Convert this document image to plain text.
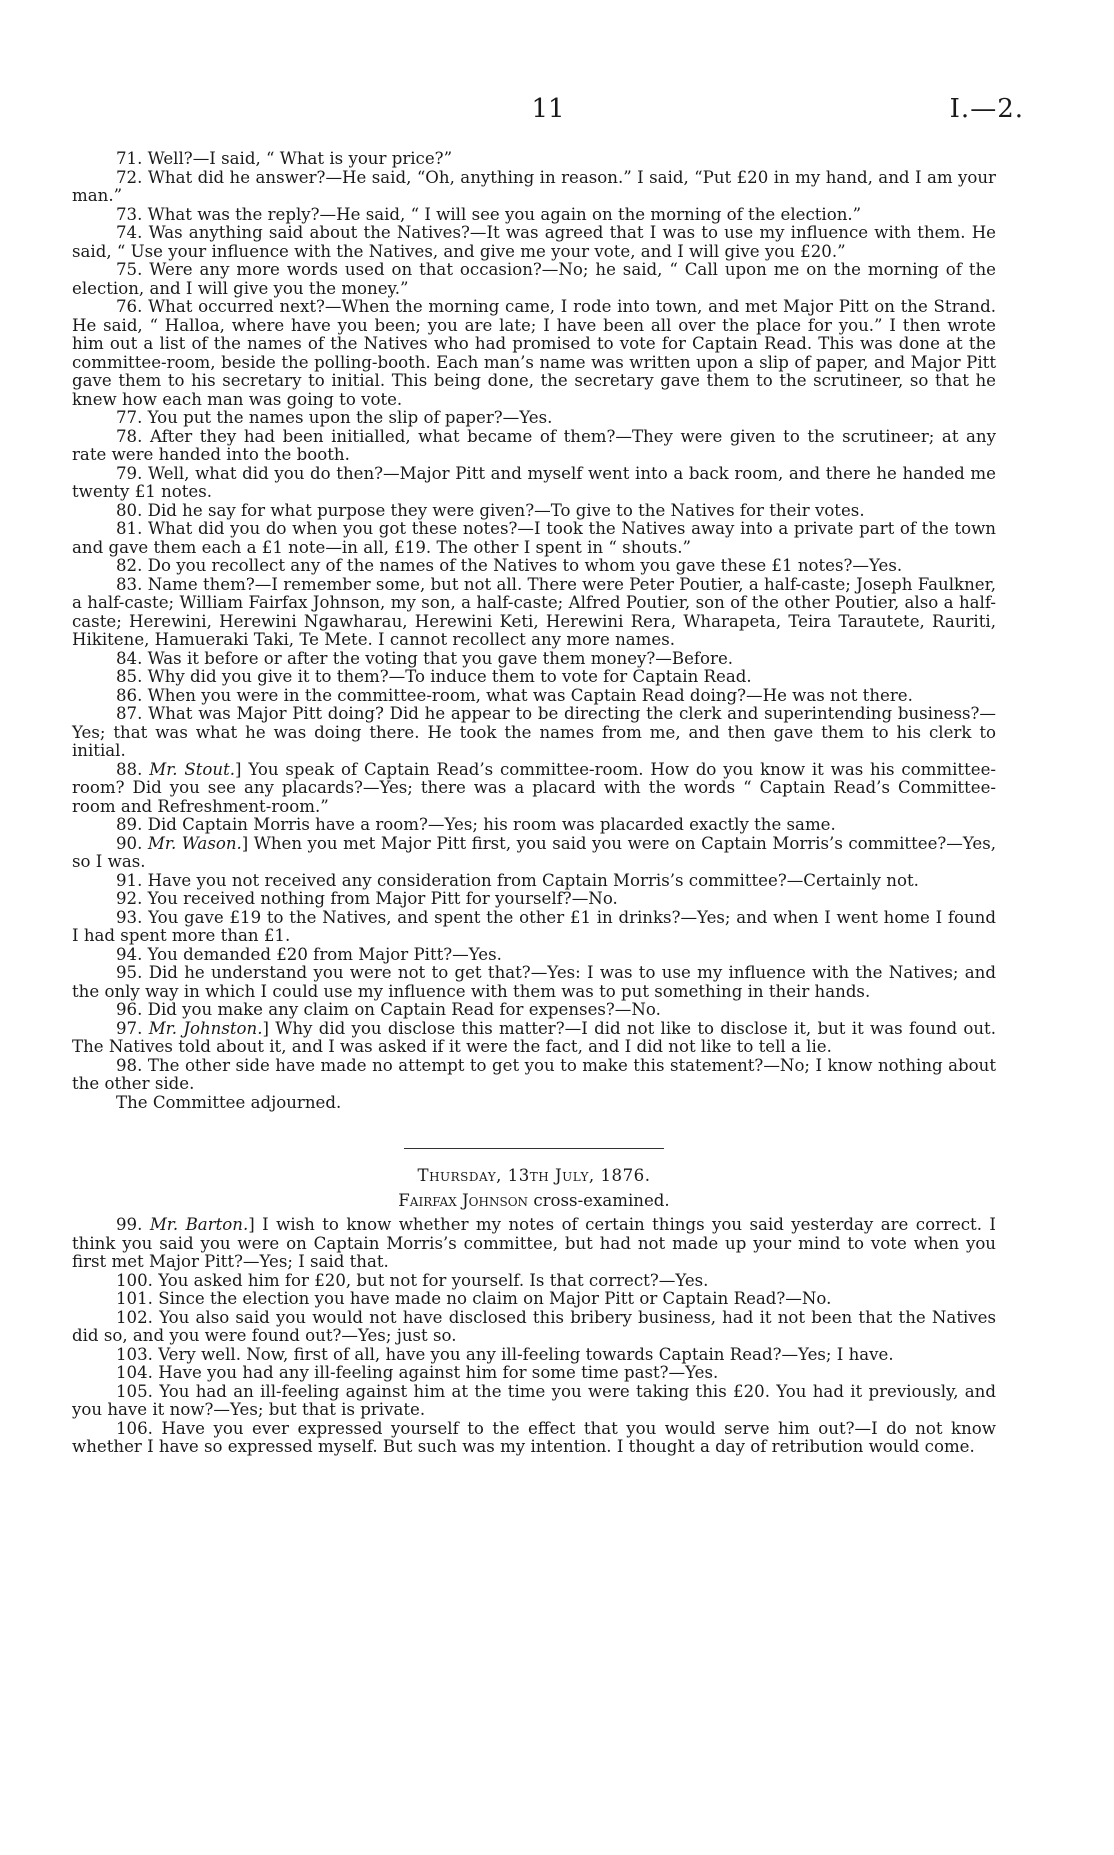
11	I.—2.

71. Well?—I said, “ What is your price?”

72. What did he answer?—He said, “Oh, anything in reason.” I said, “Put £20 in my hand, and I am your man.”

73. What was the reply?—He said, “ I will see you again on the morning of the election.”

74. Was anything said about the Natives?—It was agreed that I was to use my influence with them. He said, “ Use your influence with the Natives, and give me your vote, and I will give you £20.”

75. Were any more words used on that occasion?—No; he said, “ Call upon me on the morning of the election, and I will give you the money.”

76. What occurred next?—When the morning came, I rode into town, and met Major Pitt on the Strand. He said, “ Halloa, where have you been; you are late; I have been all over the place for you.” I then wrote him out a list of the names of the Natives who had promised to vote for Captain Read. This was done at the committee-room, beside the polling-booth. Each man’s name was written upon a slip of paper, and Major Pitt gave them to his secretary to initial. This being done, the secretary gave them to the scrutineer, so that he knew how each man was going to vote.

77. You put the names upon the slip of paper?—Yes.

78. After they had been initialled, what became of them?—They were given to the scrutineer; at any rate were handed into the booth.

79. Well, what did you do then?—Major Pitt and myself went into a back room, and there he handed me twenty £1 notes.

80. Did he say for what purpose they were given?—To give to the Natives for their votes.

81. What did you do when you got these notes?—I took the Natives away into a private part of the town and gave them each a £1 note—in all, £19. The other I spent in “ shouts.”

82. Do you recollect any of the names of the Natives to whom you gave these £1 notes?—Yes.

83. Name them?—I remember some, but not all. There were Peter Poutier, a half-caste; Joseph Faulkner, a half-caste; William Fairfax Johnson, my son, a half-caste; Alfred Poutier, son of the other Poutier, also a half-caste; Herewini, Herewini Ngawharau, Herewini Keti, Herewini Rera, Wharapeta, Teira Tarautete, Rauriti, Hikitene, Hamueraki Taki, Te Mete. I cannot recollect any more names.

84. Was it before or after the voting that you gave them money?—Before.

85. Why did you give it to them?—To induce them to vote for Captain Read.

86. When you were in the committee-room, what was Captain Read doing?—He was not there.

87. What was Major Pitt doing? Did he appear to be directing the clerk and superintending business?—Yes; that was what he was doing there. He took the names from me, and then gave them to his clerk to initial.

88. Mr. Stout.] You speak of Captain Read’s committee-room. How do you know it was his committee-room? Did you see any placards?—Yes; there was a placard with the words “ Captain Read’s Committee-room and Refreshment-room.”

89. Did Captain Morris have a room?—Yes; his room was placarded exactly the same.

90. Mr. Wason.] When you met Major Pitt first, you said you were on Captain Morris’s committee?—Yes, so I was.

91. Have you not received any consideration from Captain Morris’s committee?—Certainly not.

92. You received nothing from Major Pitt for yourself?—No.

93. You gave £19 to the Natives, and spent the other £1 in drinks?—Yes; and when I went home I found I had spent more than £1.

94. You demanded £20 from Major Pitt?—Yes.

95. Did he understand you were not to get that?—Yes: I was to use my influence with the Natives; and the only way in which I could use my influence with them was to put something in their hands.

96. Did you make any claim on Captain Read for expenses?—No.

97. Mr. Johnston.] Why did you disclose this matter?—I did not like to disclose it, but it was found out. The Natives told about it, and I was asked if it were the fact, and I did not like to tell a lie.

98. The other side have made no attempt to get you to make this statement?—No; I know nothing about the other side.

The Committee adjourned.

Thursday, 13th July, 1876.

Fairfax Johnson cross-examined.

99. Mr. Barton.] I wish to know whether my notes of certain things you said yesterday are correct. I think you said you were on Captain Morris’s committee, but had not made up your mind to vote when you first met Major Pitt?—Yes; I said that.

100. You asked him for £20, but not for yourself. Is that correct?—Yes.

101. Since the election you have made no claim on Major Pitt or Captain Read?—No.

102. You also said you would not have disclosed this bribery business, had it not been that the Natives did so, and you were found out?—Yes; just so.

103. Very well. Now, first of all, have you any ill-feeling towards Captain Read?—Yes; I have.

104. Have you had any ill-feeling against him for some time past?—Yes.

105. You had an ill-feeling against him at the time you were taking this £20. You had it previously, and you have it now?—Yes; but that is private.

106. Have you ever expressed yourself to the effect that you would serve him out?—I do not know whether I have so expressed myself. But such was my intention. I thought a day of retribution would come.
